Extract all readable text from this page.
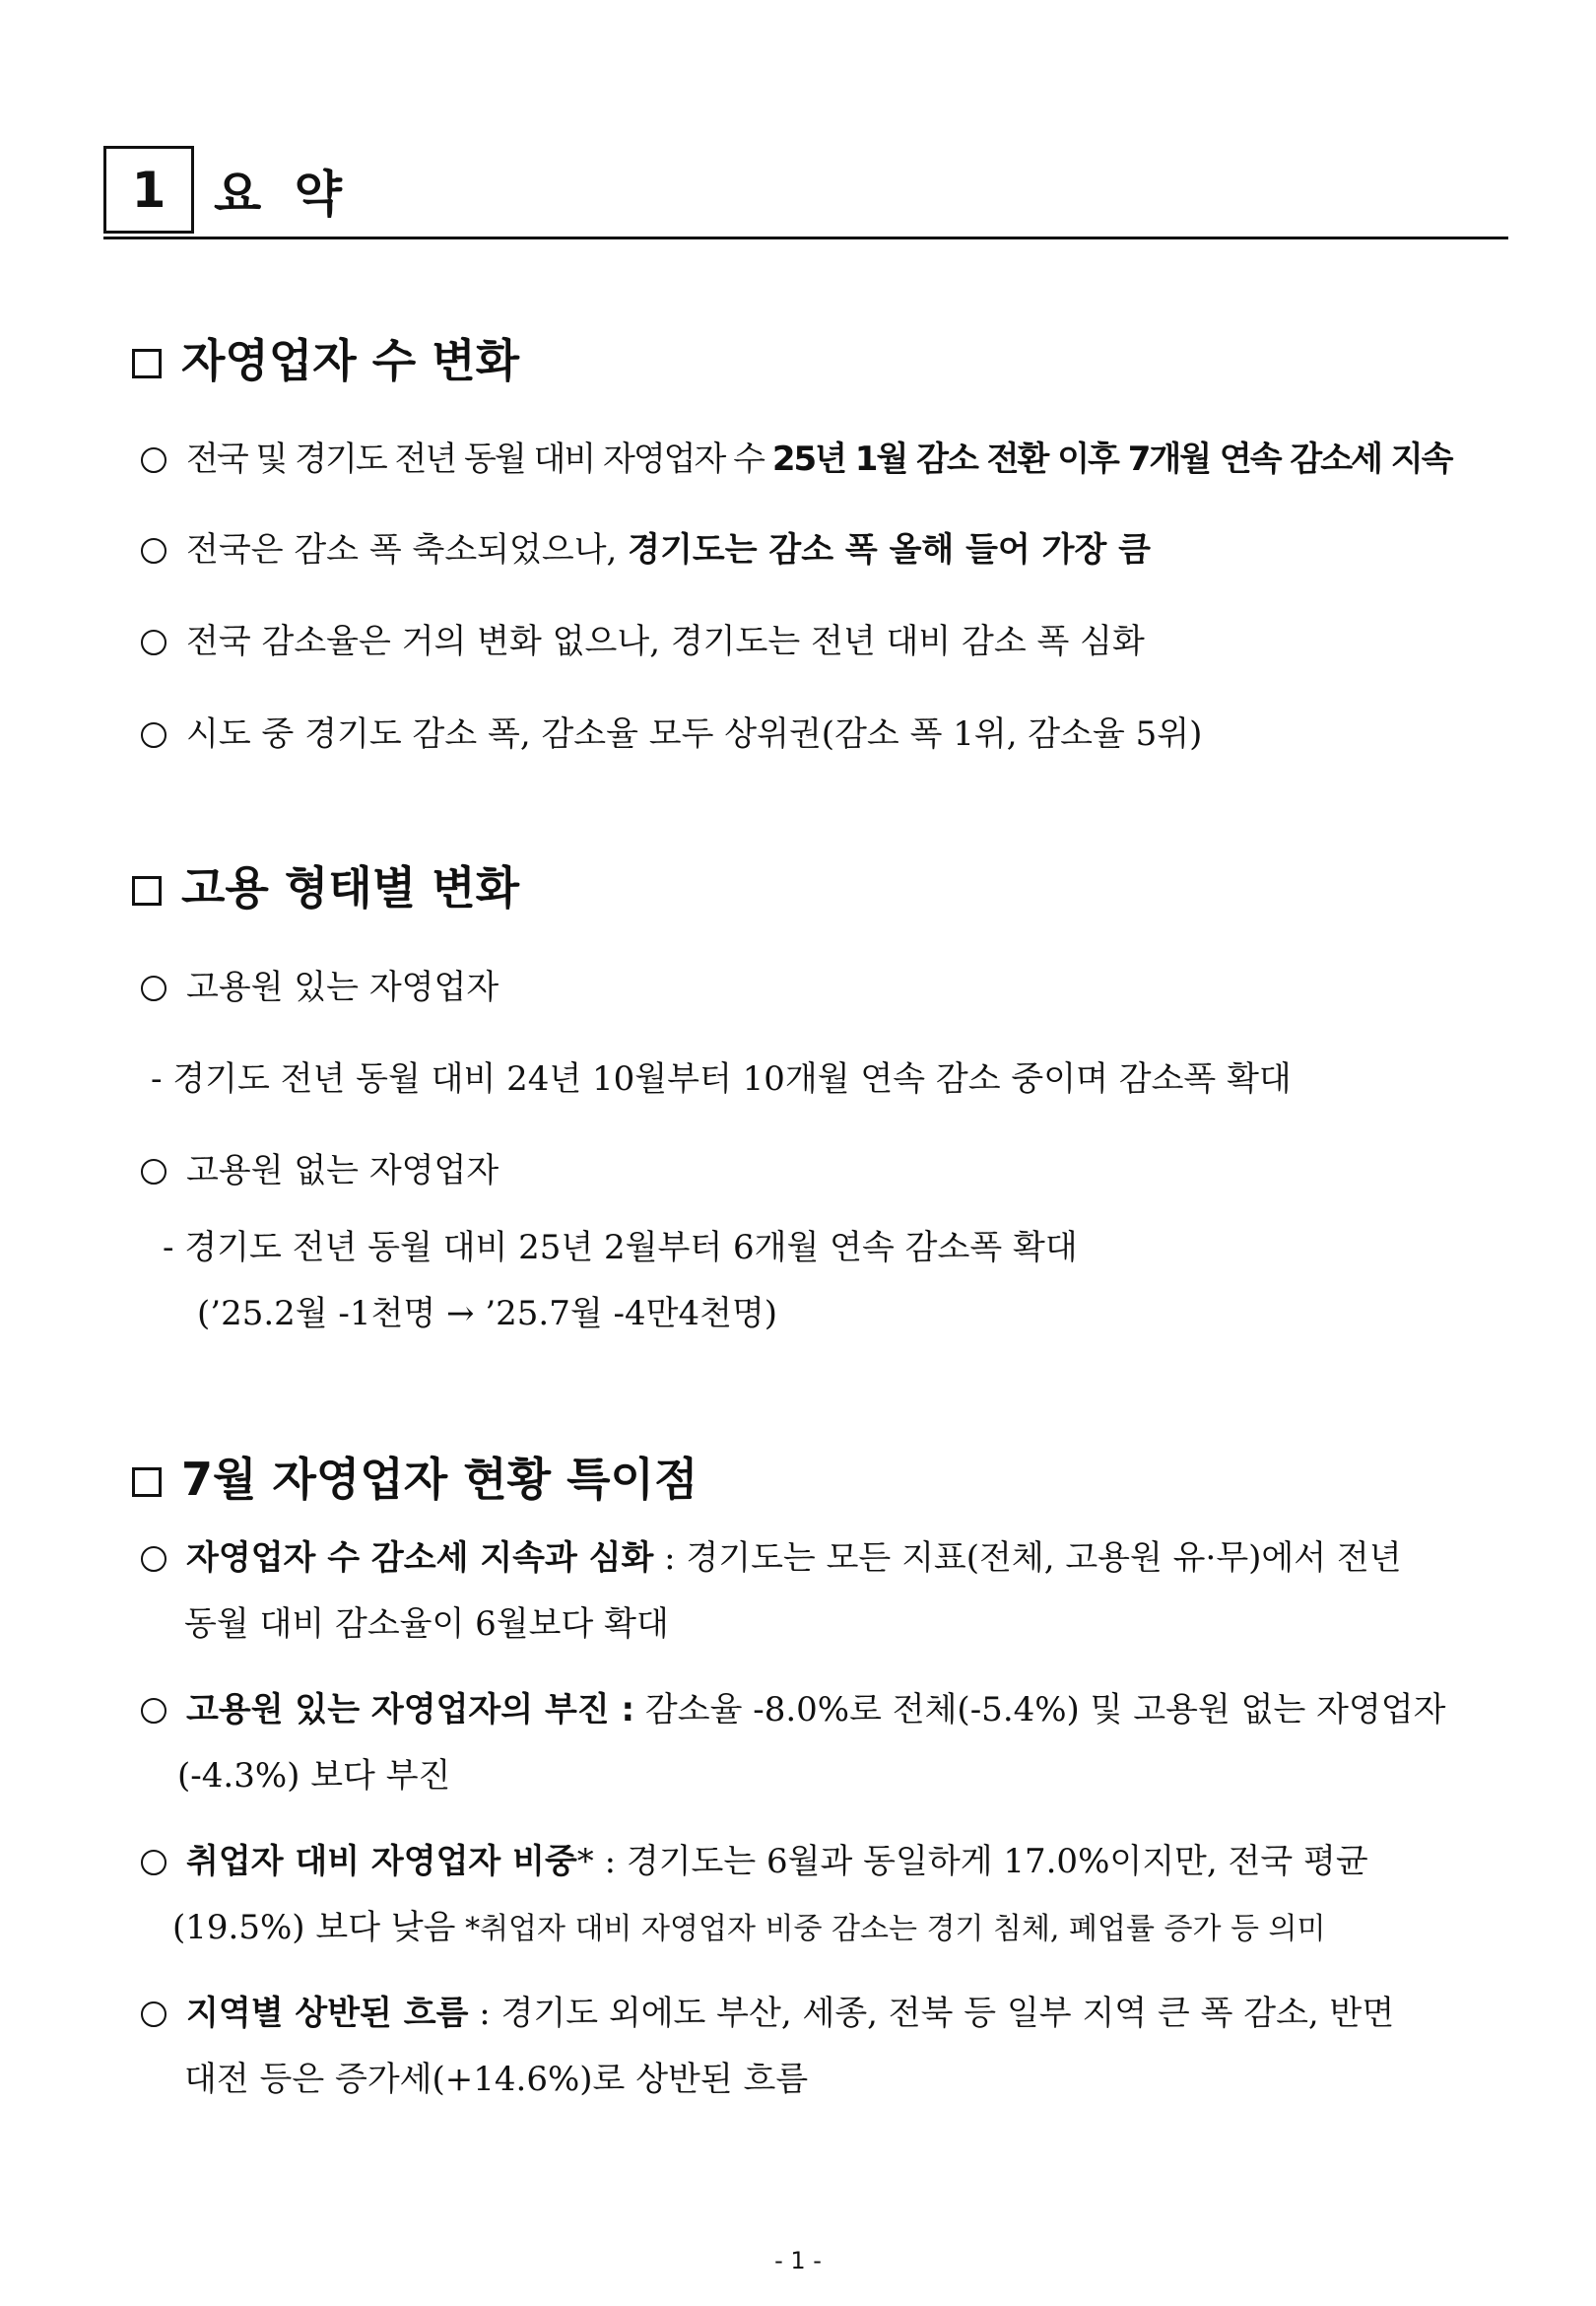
1 요 약
자영업자 수 변화
전국 및 경기도 전년 동월 대비 자영업자 수 25년 1월 감소 전환 이후 7개월 연속 감소세 지속
전국은 감소 폭 축소되었으나, 경기도는 감소 폭 올해 들어 가장 큼
전국 감소율은 거의 변화 없으나, 경기도는 전년 대비 감소 폭 심화
시도 중 경기도 감소 폭, 감소율 모두 상위권(감소 폭 1위, 감소율 5위)
고용 형태별 변화
고용원 있는 자영업자
- 경기도 전년 동월 대비 24년 10월부터 10개월 연속 감소 중이며 감소폭 확대
고용원 없는 자영업자
- 경기도 전년 동월 대비 25년 2월부터 6개월 연속 감소폭 확대
(’25.2월 -1천명 → ’25.7월 -4만4천명)
7월 자영업자 현황 특이점
자영업자 수 감소세 지속과 심화 : 경기도는 모든 지표(전체, 고용원 유·무)에서 전년
동월 대비 감소율이 6월보다 확대
고용원 있는 자영업자의 부진 : 감소율 -8.0%로 전체(-5.4%) 및 고용원 없는 자영업자
(-4.3%) 보다 부진
취업자 대비 자영업자 비중* : 경기도는 6월과 동일하게 17.0%이지만, 전국 평균
(19.5%) 보다 낮음 *취업자 대비 자영업자 비중 감소는 경기 침체, 폐업률 증가 등 의미
지역별 상반된 흐름 : 경기도 외에도 부산, 세종, 전북 등 일부 지역 큰 폭 감소, 반면
대전 등은 증가세(+14.6%)로 상반된 흐름
- 1 -
